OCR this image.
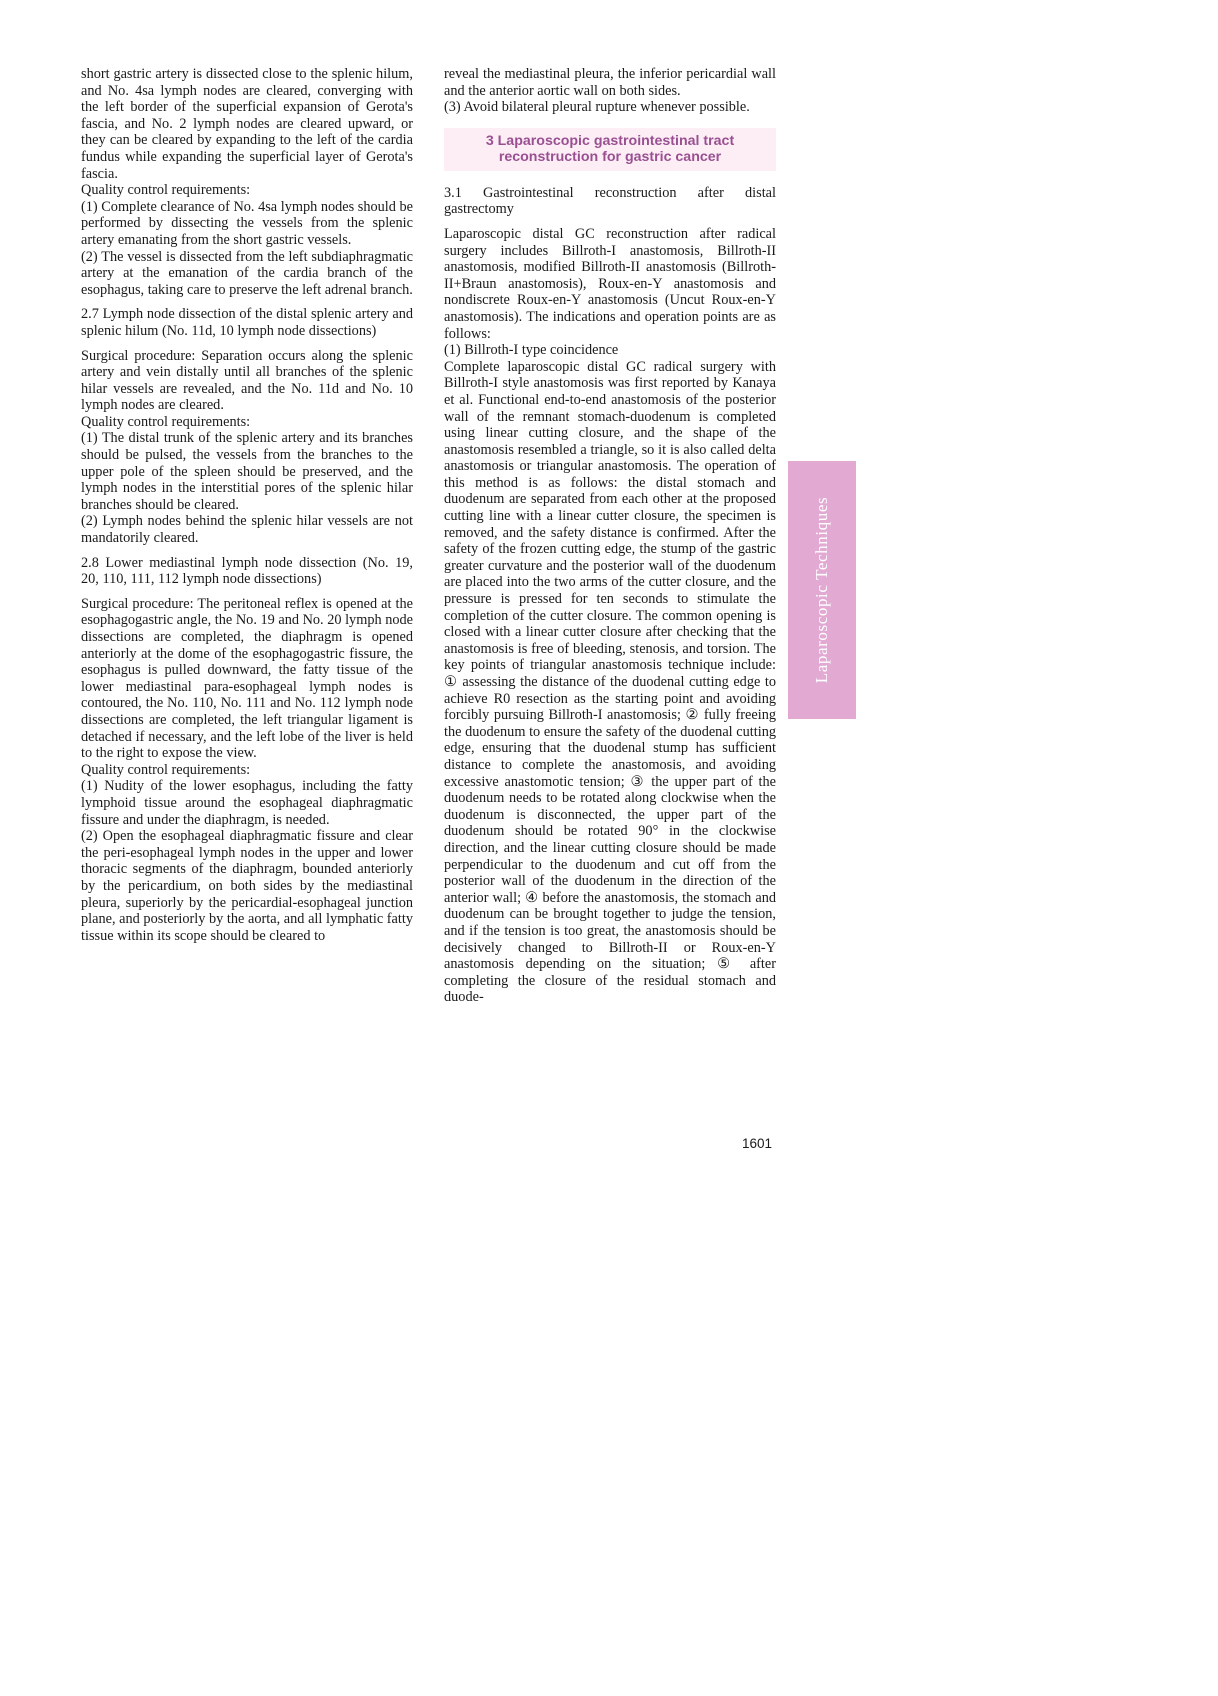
short gastric artery is dissected close to the splenic hilum, and No. 4sa lymph nodes are cleared, converging with the left border of the superficial expansion of Gerota's fascia, and No. 2 lymph nodes are cleared upward, or they can be cleared by expanding to the left of the cardia fundus while expanding the superficial layer of Gerota's fascia.

Quality control requirements:

(1) Complete clearance of No. 4sa lymph nodes should be performed by dissecting the vessels from the splenic artery emanating from the short gastric vessels.

(2) The vessel is dissected from the left subdiaphragmatic artery at the emanation of the cardia branch of the esophagus, taking care to preserve the left adrenal branch.

2.7 Lymph node dissection of the distal splenic artery and splenic hilum (No. 11d, 10 lymph node dissections)

Surgical procedure: Separation occurs along the splenic artery and vein distally until all branches of the splenic hilar vessels are revealed, and the No. 11d and No. 10 lymph nodes are cleared.

Quality control requirements:

(1) The distal trunk of the splenic artery and its branches should be pulsed, the vessels from the branches to the upper pole of the spleen should be preserved, and the lymph nodes in the interstitial pores of the splenic hilar branches should be cleared.

(2) Lymph nodes behind the splenic hilar vessels are not mandatorily cleared.

2.8 Lower mediastinal lymph node dissection (No. 19, 20, 110, 111, 112 lymph node dissections)

Surgical procedure: The peritoneal reflex is opened at the esophagogastric angle, the No. 19 and No. 20 lymph node dissections are completed, the diaphragm is opened anteriorly at the dome of the esophagogastric fissure, the esophagus is pulled downward, the fatty tissue of the lower mediastinal para-esophageal lymph nodes is contoured, the No. 110, No. 111 and No. 112 lymph node dissections are completed, the left triangular ligament is detached if necessary, and the left lobe of the liver is held to the right to expose the view.

Quality control requirements:

(1) Nudity of the lower esophagus, including the fatty lymphoid tissue around the esophageal diaphragmatic fissure and under the diaphragm, is needed.

(2) Open the esophageal diaphragmatic fissure and clear the peri-esophageal lymph nodes in the upper and lower thoracic segments of the diaphragm, bounded anteriorly by the pericardium, on both sides by the mediastinal pleura, superiorly by the pericardial-esophageal junction plane, and posteriorly by the aorta, and all lymphatic fatty tissue within its scope should be cleared to

reveal the mediastinal pleura, the inferior pericardial wall and the anterior aortic wall on both sides.

(3) Avoid bilateral pleural rupture whenever possible.

3 Laparoscopic gastrointestinal tract
reconstruction for gastric cancer

3.1 Gastrointestinal reconstruction after distal gastrectomy

Laparoscopic distal GC reconstruction after radical surgery includes Billroth-I anastomosis, Billroth-II anastomosis, modified Billroth-II anastomosis (Billroth-II+Braun anastomosis), Roux-en-Y anastomosis and nondiscrete Roux-en-Y anastomosis (Uncut Roux-en-Y anastomosis). The indications and operation points are as follows:

(1) Billroth-I type coincidence

Complete laparoscopic distal GC radical surgery with Billroth-I style anastomosis was first reported by Kanaya et al. Functional end-to-end anastomosis of the posterior wall of the remnant stomach-duodenum is completed using linear cutting closure, and the shape of the anastomosis resembled a triangle, so it is also called delta anastomosis or triangular anastomosis. The operation of this method is as follows: the distal stomach and duodenum are separated from each other at the proposed cutting line with a linear cutter closure, the specimen is removed, and the safety distance is confirmed. After the safety of the frozen cutting edge, the stump of the gastric greater curvature and the posterior wall of the duodenum are placed into the two arms of the cutter closure, and the pressure is pressed for ten seconds to stimulate the completion of the cutter closure. The common opening is closed with a linear cutter closure after checking that the anastomosis is free of bleeding, stenosis, and torsion. The key points of triangular anastomosis technique include: ① assessing the distance of the duodenal cutting edge to achieve R0 resection as the starting point and avoiding forcibly pursuing Billroth-I anastomosis; ② fully freeing the duodenum to ensure the safety of the duodenal cutting edge, ensuring that the duodenal stump has sufficient distance to complete the anastomosis, and avoiding excessive anastomotic tension; ③ the upper part of the duodenum needs to be rotated along clockwise when the duodenum is disconnected, the upper part of the duodenum should be rotated 90° in the clockwise direction, and the linear cutting closure should be made perpendicular to the duodenum and cut off from the posterior wall of the duodenum in the direction of the anterior wall; ④ before the anastomosis, the stomach and duodenum can be brought together to judge the tension, and if the tension is too great, the anastomosis should be decisively changed to Billroth-II or Roux-en-Y anastomosis depending on the situation; ⑤ after completing the closure of the residual stomach and duode-

Laparoscopic Techniques
1601
